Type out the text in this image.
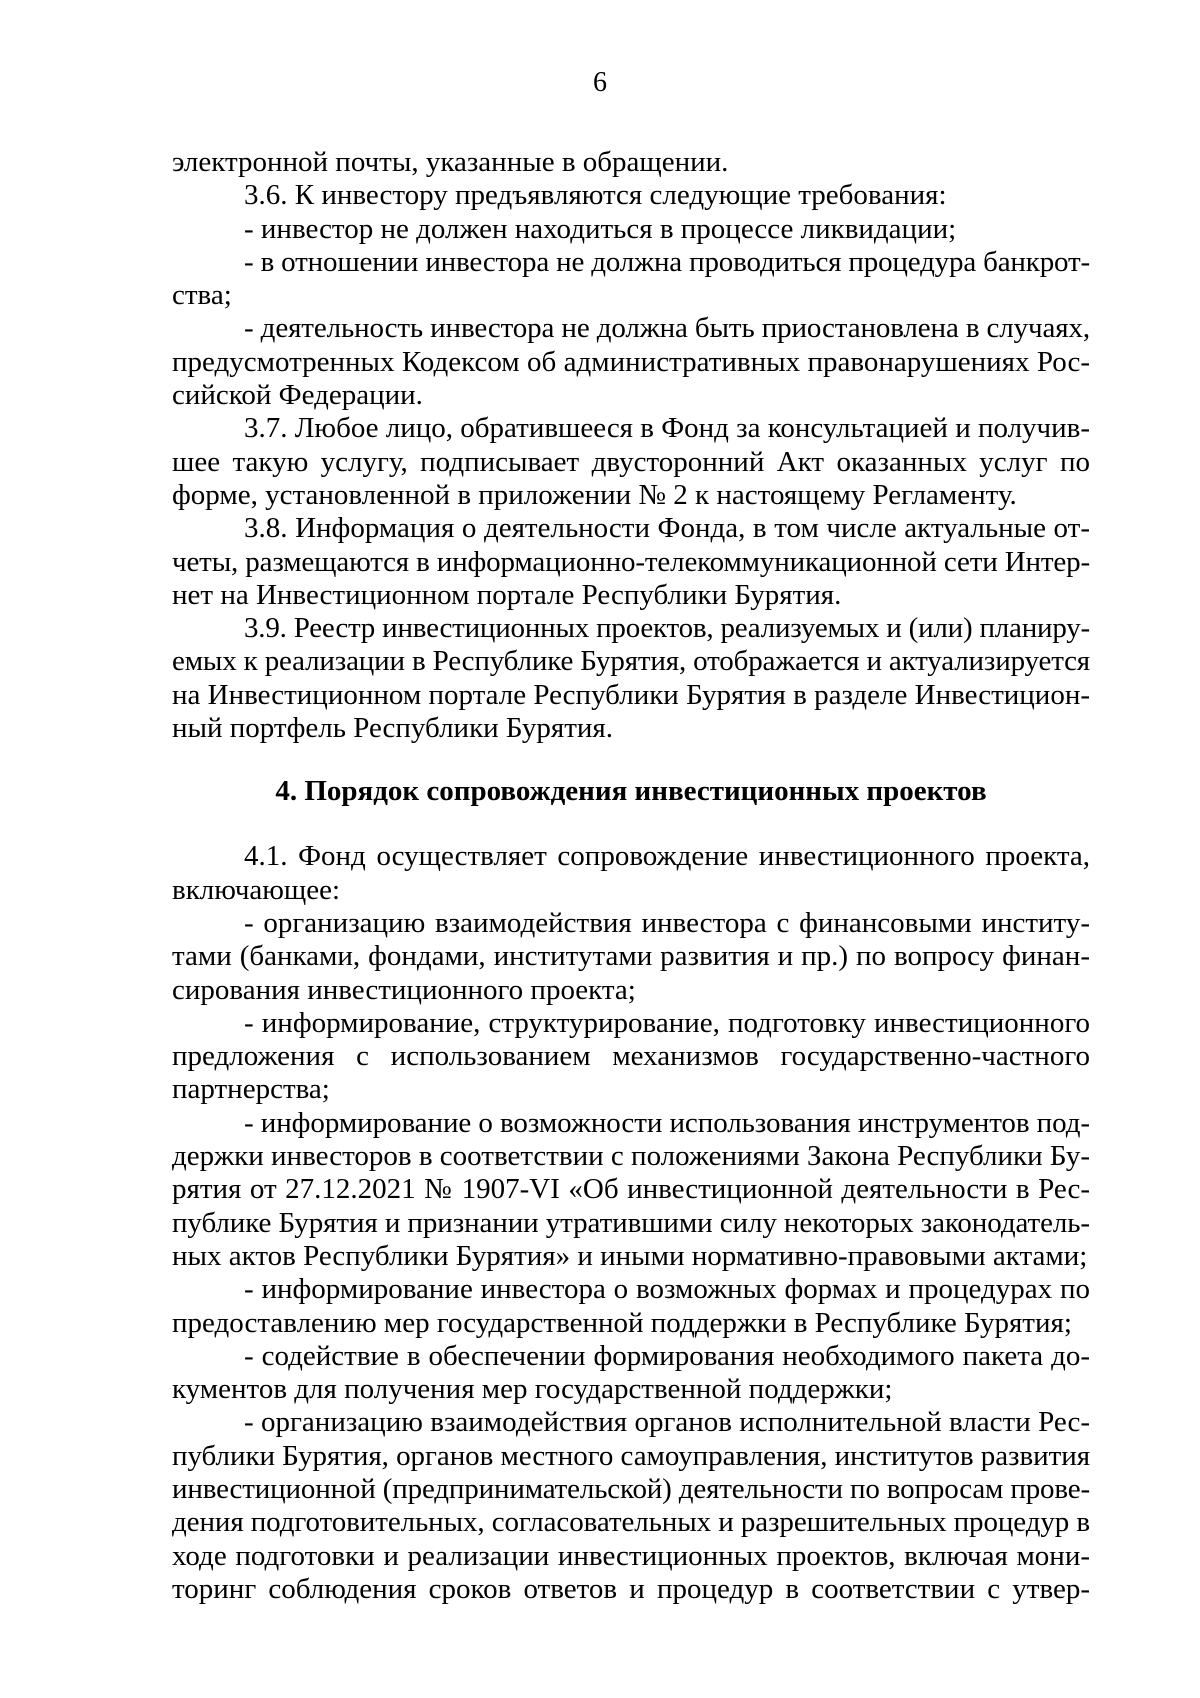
6
электронной почты, указанные в обращении.
3.6. К инвестору предъявляются следующие требования:
- инвестор не должен находиться в процессе ликвидации;
- в отношении инвестора не должна проводиться процедура банкрот-
ства;
- деятельность инвестора не должна быть приостановлена в случаях,
предусмотренных Кодексом об административных правонарушениях Рос-
сийской Федерации.
3.7. Любое лицо, обратившееся в Фонд за консультацией и получив-
шее такую услугу, подписывает двусторонний Акт оказанных услуг по
форме, установленной в приложении № 2 к настоящему Регламенту.
3.8. Информация о деятельности Фонда, в том числе актуальные от-
четы, размещаются в информационно-телекоммуникационной сети Интер-
нет на Инвестиционном портале Республики Бурятия.
3.9. Реестр инвестиционных проектов, реализуемых и (или) планиру-
емых к реализации в Республике Бурятия, отображается и актуализируется
на Инвестиционном портале Республики Бурятия в разделе Инвестицион-
ный портфель Республики Бурятия.
4. Порядок сопровождения инвестиционных проектов
4.1. Фонд осуществляет сопровождение инвестиционного проекта,
включающее:
- организацию взаимодействия инвестора с финансовыми институ-
тами (банками, фондами, институтами развития и пр.) по вопросу финан-
сирования инвестиционного проекта;
- информирование, структурирование, подготовку инвестиционного
предложения с использованием механизмов государственно-частного
партнерства;
- информирование о возможности использования инструментов под-
держки инвесторов в соответствии с положениями Закона Республики Бу-
рятия от 27.12.2021 № 1907-VI «Об инвестиционной деятельности в Рес-
публике Бурятия и признании утратившими силу некоторых законодатель-
ных актов Республики Бурятия» и иными нормативно-правовыми актами;
- информирование инвестора о возможных формах и процедурах по
предоставлению мер государственной поддержки в Республике Бурятия;
- содействие в обеспечении формирования необходимого пакета до-
кументов для получения мер государственной поддержки;
- организацию взаимодействия органов исполнительной власти Рес-
публики Бурятия, органов местного самоуправления, институтов развития
инвестиционной (предпринимательской) деятельности по вопросам прове-
дения подготовительных, согласовательных и разрешительных процедур в
ходе подготовки и реализации инвестиционных проектов, включая мони-
торинг соблюдения сроков ответов и процедур в соответствии с утвер-
